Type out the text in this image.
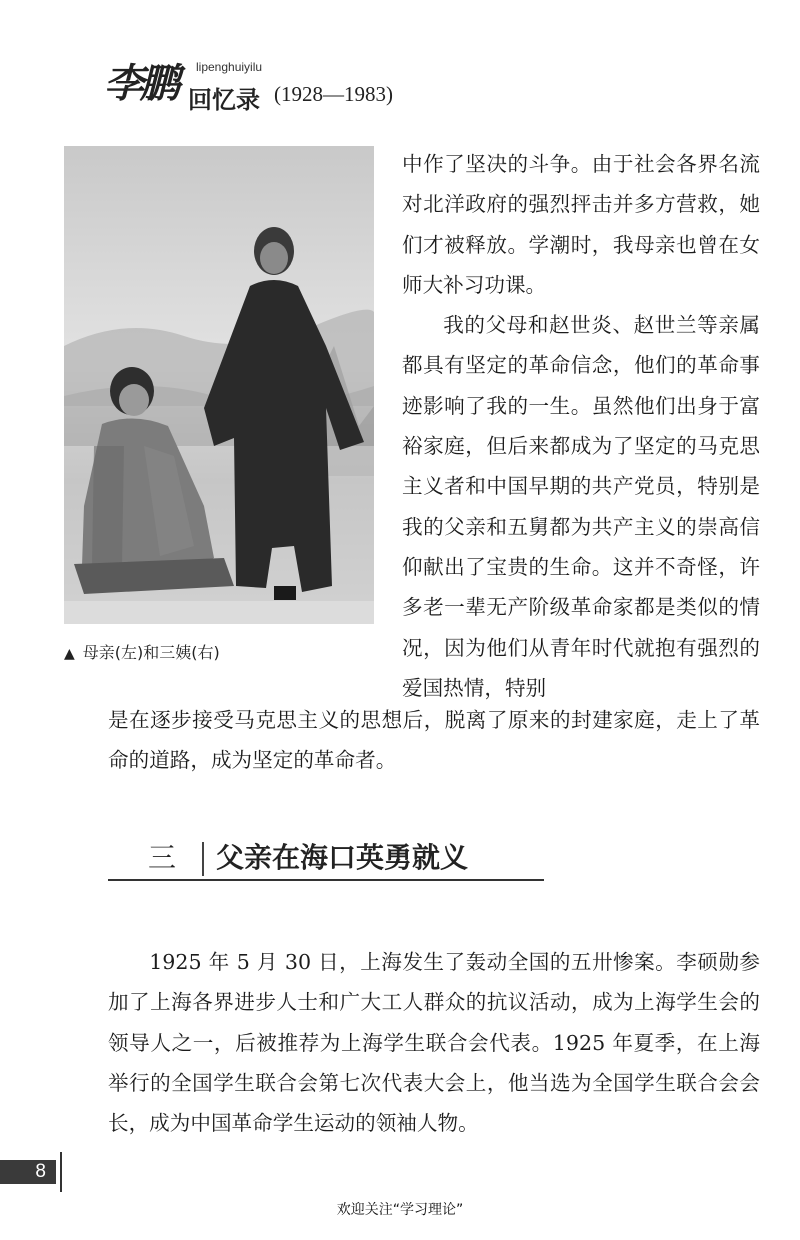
李鹏 lipenghuiyilu
回忆录 (1928—1983)
▲ 母亲(左)和三姨(右)

中作了坚决的斗争。由于社会各界名流对北洋政府的强烈抨击并多方营救，她们才被释放。学潮时，我母亲也曾在女师大补习功课。

我的父母和赵世炎、赵世兰等亲属都具有坚定的革命信念，他们的革命事迹影响了我的一生。虽然他们出身于富裕家庭，但后来都成为了坚定的马克思主义者和中国早期的共产党员，特别是我的父亲和五舅都为共产主义的崇高信仰献出了宝贵的生命。这并不奇怪，许多老一辈无产阶级革命家都是类似的情况，因为他们从青年时代就抱有强烈的爱国热情，特别

是在逐步接受马克思主义的思想后，脱离了原来的封建家庭，走上了革命的道路，成为坚定的革命者。

三 父亲在海口英勇就义

1925 年 5 月 30 日，上海发生了轰动全国的五卅惨案。李硕勋参加了上海各界进步人士和广大工人群众的抗议活动，成为上海学生会的领导人之一，后被推荐为上海学生联合会代表。1925 年夏季，在上海举行的全国学生联合会第七次代表大会上，他当选为全国学生联合会会长，成为中国革命学生运动的领袖人物。

8
欢迎关注“学习理论”
